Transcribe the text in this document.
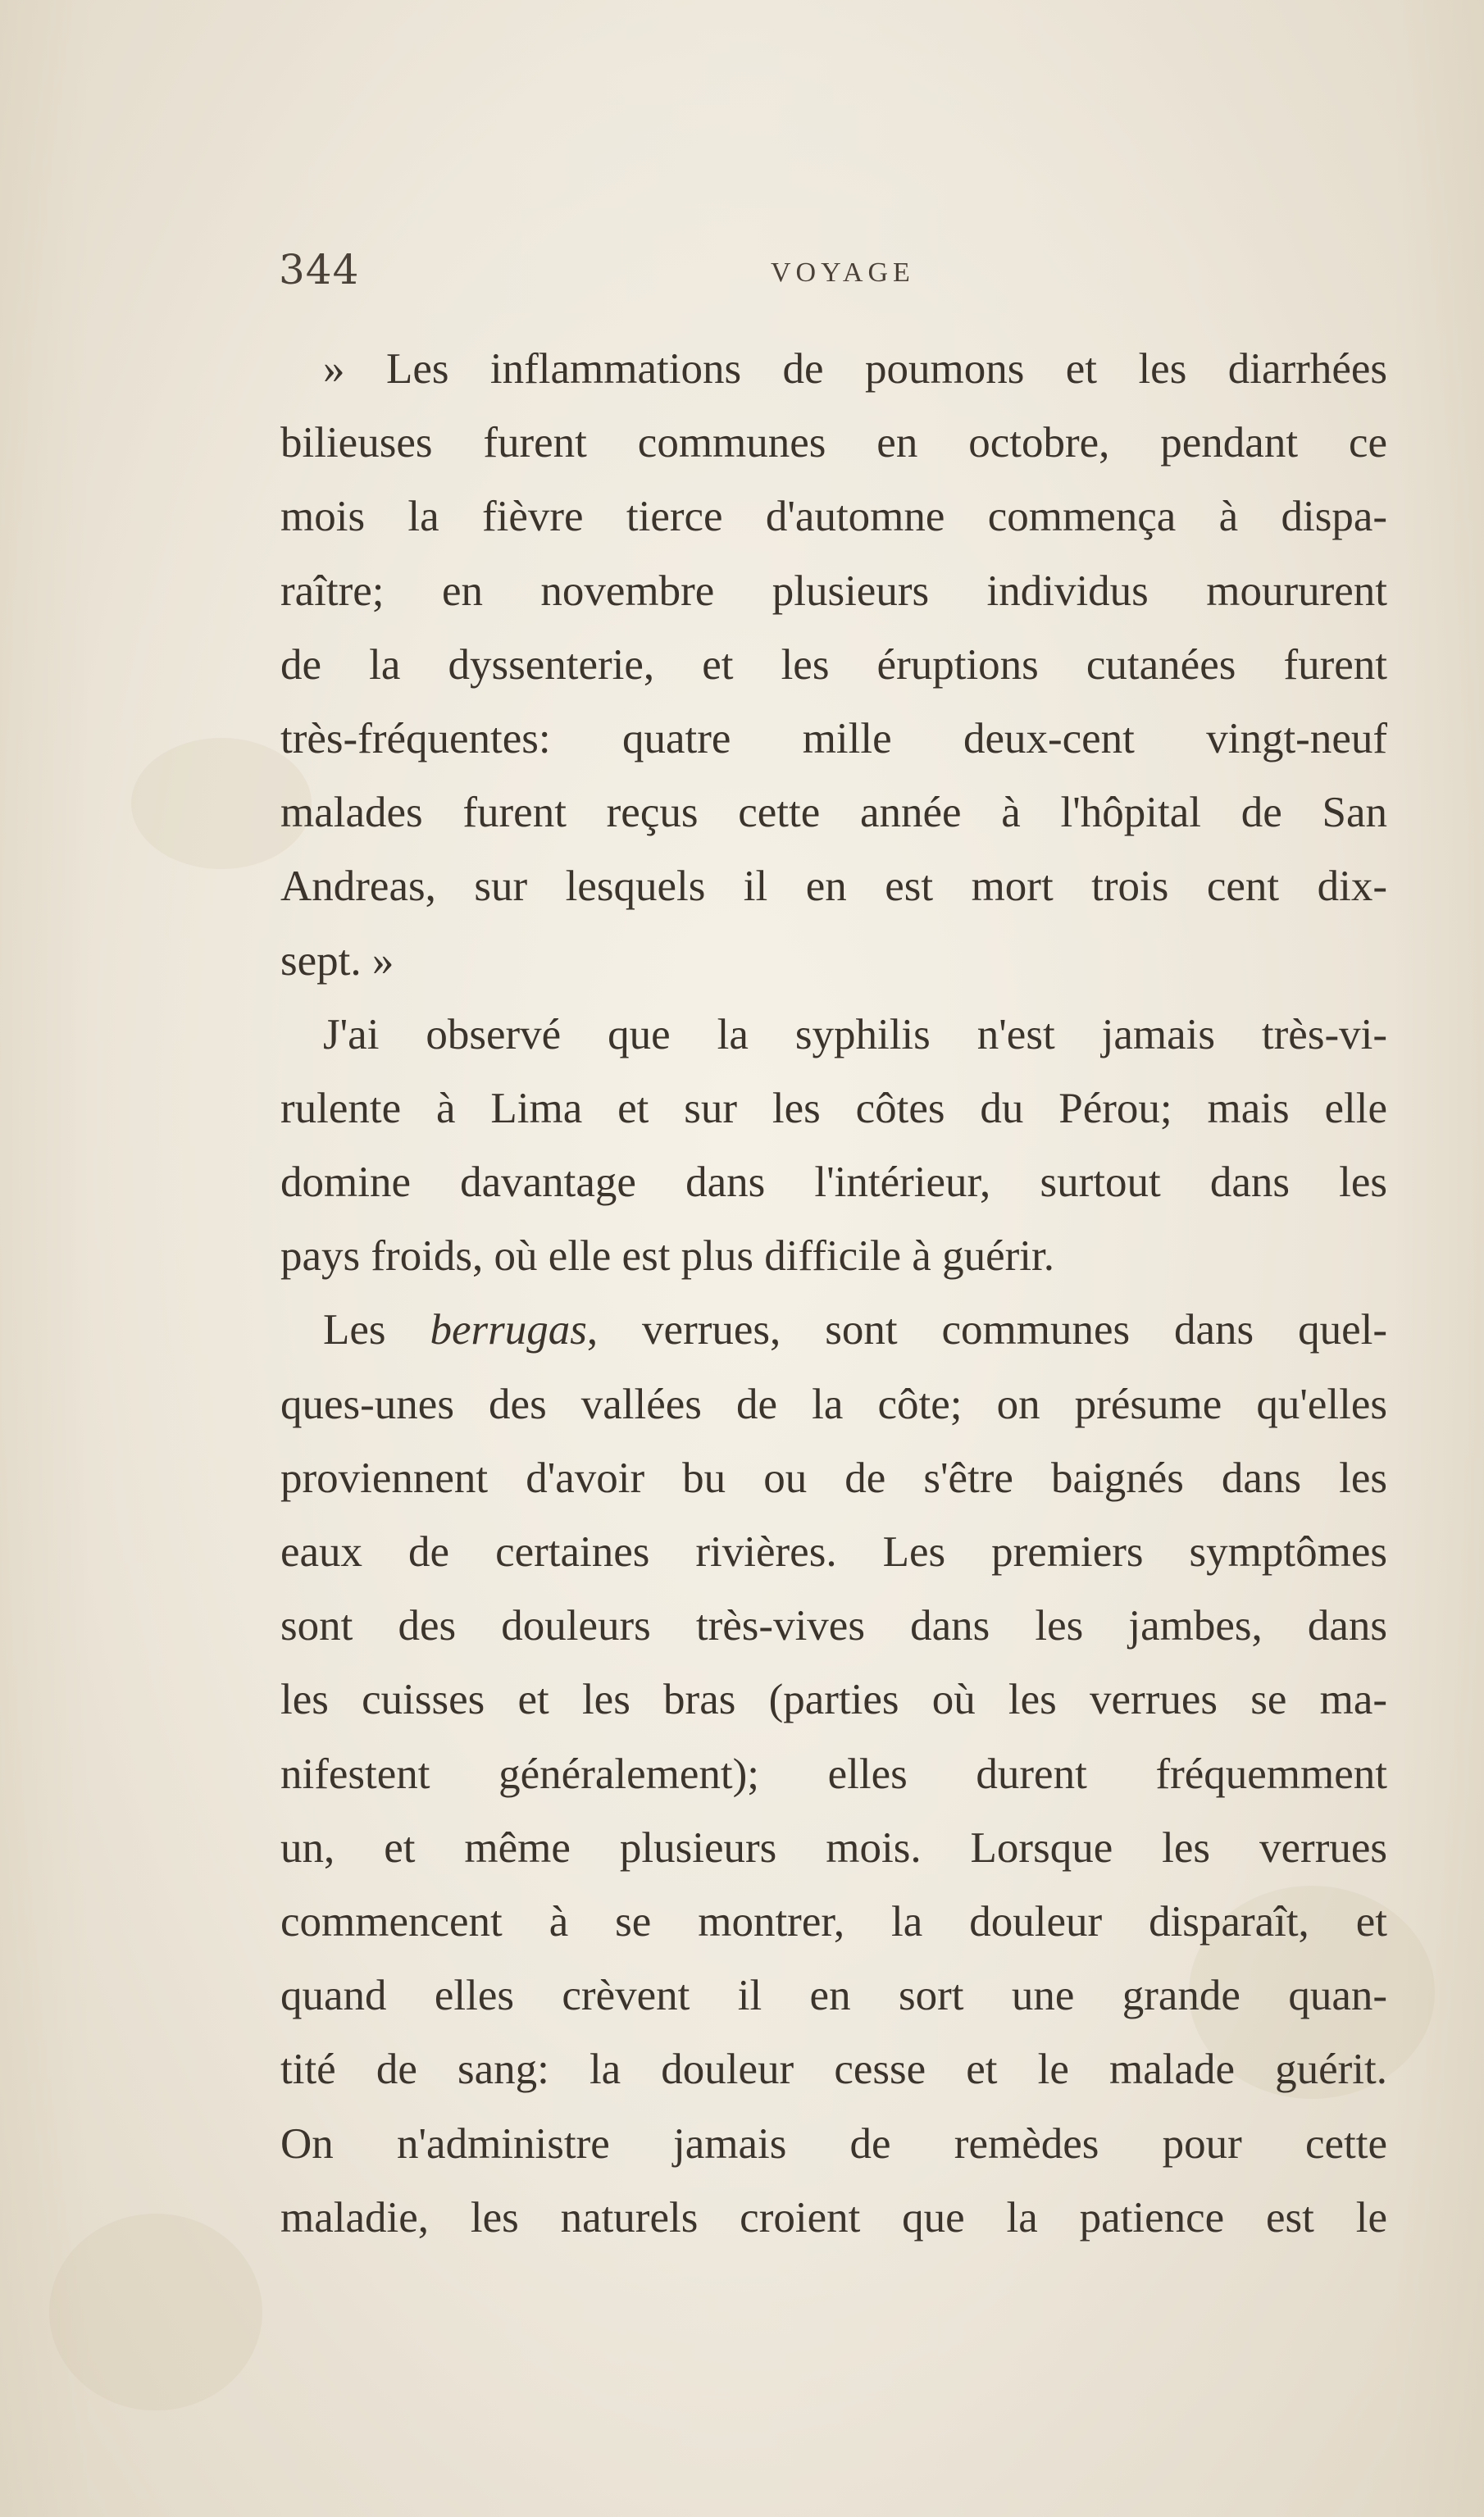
344	VOYAGE
» Les inflammations de poumons et les diarrhées
bilieuses furent communes en octobre, pendant ce
mois la fièvre tierce d'automne commença à dispa-
raître; en novembre plusieurs individus moururent
de la dyssenterie, et les éruptions cutanées furent
très-fréquentes: quatre mille deux-cent vingt-neuf
malades furent reçus cette année à l'hôpital de San
Andreas, sur lesquels il en est mort trois cent dix-
sept. »
J'ai observé que la syphilis n'est jamais très-vi-
rulente à Lima et sur les côtes du Pérou; mais elle
domine davantage dans l'intérieur, surtout dans les
pays froids, où elle est plus difficile à guérir.
Les berrugas, verrues, sont communes dans quel-
ques-unes des vallées de la côte; on présume qu'elles
proviennent d'avoir bu ou de s'être baignés dans les
eaux de certaines rivières. Les premiers symptômes
sont des douleurs très-vives dans les jambes, dans
les cuisses et les bras (parties où les verrues se ma-
nifestent généralement); elles durent fréquemment
un, et même plusieurs mois. Lorsque les verrues
commencent à se montrer, la douleur disparaît, et
quand elles crèvent il en sort une grande quan-
tité de sang: la douleur cesse et le malade guérit.
On n'administre jamais de remèdes pour cette
maladie, les naturels croient que la patience est le
